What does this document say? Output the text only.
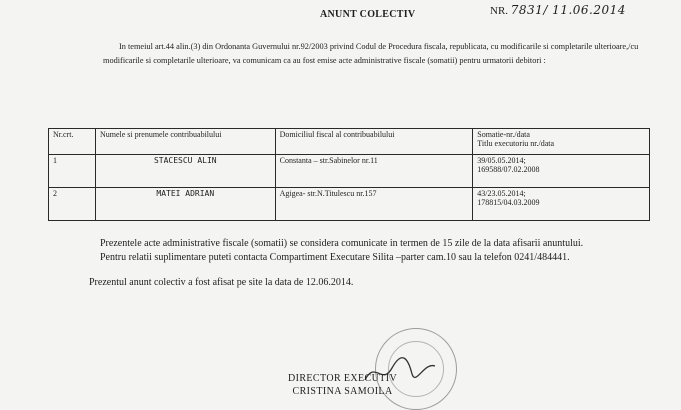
NR. 7831/ 11.06.2014
ANUNT COLECTIV

In temeiul art.44 alin.(3) din Ordonanta Guvernului nr.92/2003 privind Codul de Procedura fiscala, republicata, cu modificarile si completarile ulterioare,/cu modificarile si completarile ulterioare, va comunicam ca au fost emise acte administrative fiscale (somatii) pentru urmatorii debitori :

Nr.crt.	Numele si prenumele contribuabilului	Domiciliul fiscal al contribuabilului	Somatie-nr./data
Titlu executoriu nr./data

1	STACESCU ALIN	Constanta – str.Sabinelor nr.11	39/05.05.2014;
169588/07.02.2008

2	MATEI ADRIAN	Agigea- str.N.Titulescu nr.157	43/23.05.2014;
178815/04.03.2009

Prezentele acte administrative fiscale (somatii) se considera comunicate in termen de 15 zile de la data afisarii anuntului.

Pentru relatii suplimentare puteti contacta Compartiment Executare Silita –parter cam.10 sau la telefon 0241/484441.

Prezentul anunt colectiv a fost afisat pe site la data de 12.06.2014.

DIRECTOR EXECUTIV
CRISTINA SAMOILA
